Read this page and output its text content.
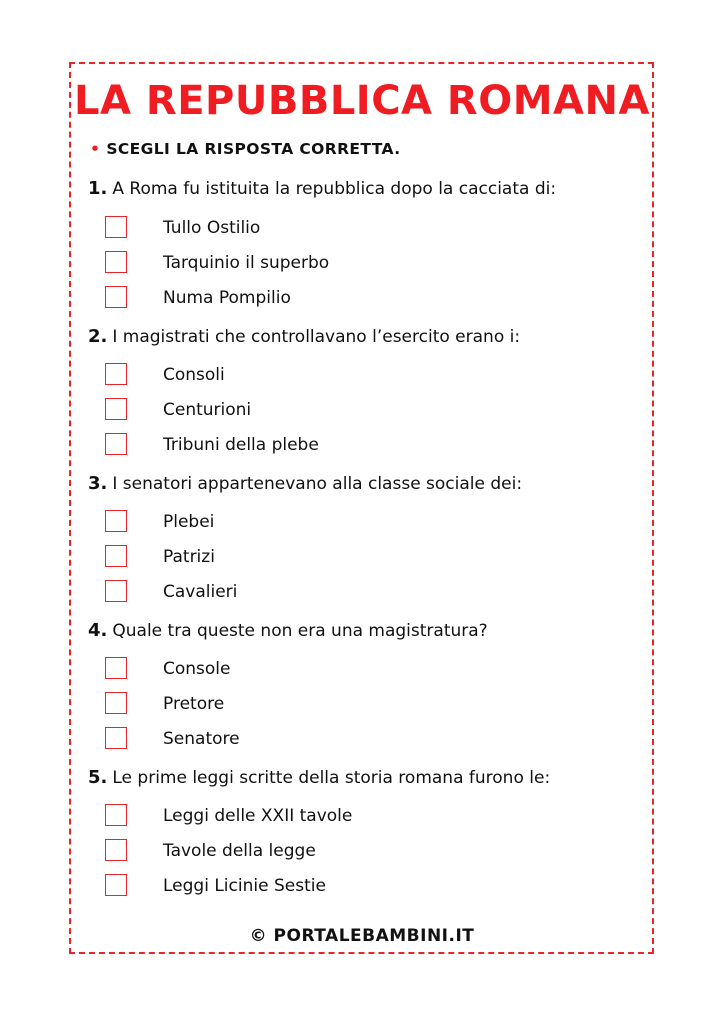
LA REPUBBLICA ROMANA
• SCEGLI LA RISPOSTA CORRETTA.
1. A Roma fu istituita la repubblica dopo la cacciata di:
Tullo Ostilio
Tarquinio il superbo
Numa Pompilio
2. I magistrati che controllavano l’esercito erano i:
Consoli
Centurioni
Tribuni della plebe
3. I senatori appartenevano alla classe sociale dei:
Plebei
Patrizi
Cavalieri
4. Quale tra queste non era una magistratura?
Console
Pretore
Senatore
5. Le prime leggi scritte della storia romana furono le:
Leggi delle XXII tavole
Tavole della legge
Leggi Licinie Sestie
© PORTALEBAMBINI.IT
